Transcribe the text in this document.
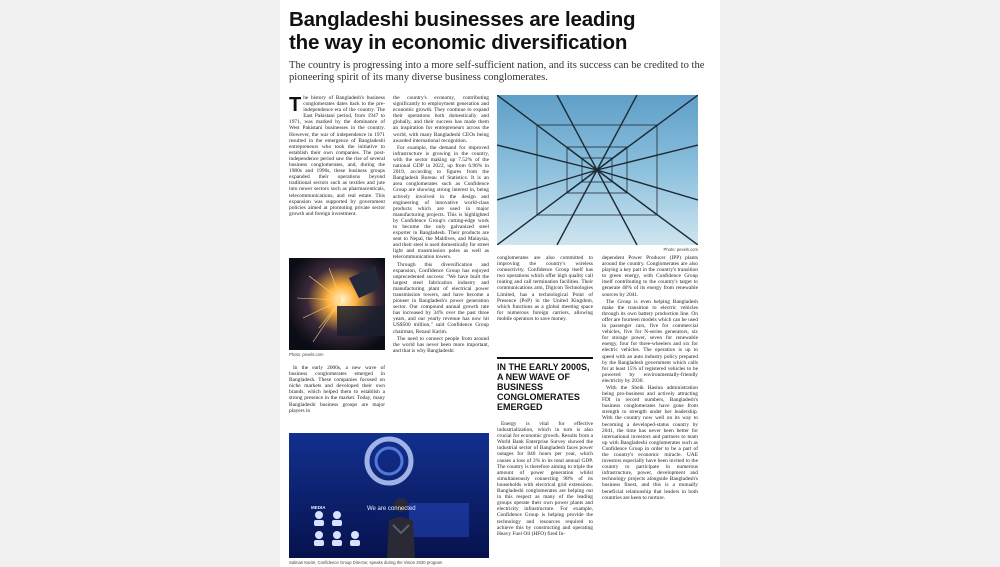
Bangladeshi businesses are leading
the way in economic diversification
The country is progressing into a more self-sufficient nation, and its success can be credited to the pioneering spirit of its many diverse business conglomerates.

The history of Bangladesh's business conglomerates dates back to the pre-independence era of the country. The East Pakistani period, from 1947 to 1971, was marked by the dominance of West Pakistani businesses in the country. However, the war of independence in 1971 resulted in the emergence of Bangladeshi entrepreneurs who took the initiative to establish their own companies. The post-independence period saw the rise of several business conglomerates, and, during the 1980s and 1990s, these business groups expanded their operations beyond traditional sectors such as textiles and jute into newer sectors such as pharmaceuticals, telecommunications, and real estate. This expansion was supported by government policies aimed at promoting private sector growth and foreign investment.

Photo: pexels.com

In the early 2000s, a new wave of business conglomerates emerged in Bangladesh. These companies focused on niche markets and developed their own brands, which helped them to establish a strong presence in the market. Today, many Bangladeshi business groups are major players in

the country's economy, contributing significantly to employment generation and economic growth. They continue to expand their operations both domestically and globally, and their success has made them an inspiration for entrepreneurs across the world, with many Bangladeshi CEOs being awarded international recognition.

For example, the demand for improved infrastructure is growing in the country, with the sector making up 7.52% of the national GDP in 2022, up from 6.96% in 2019, according to figures from the Bangladesh Bureau of Statistics. It is an area conglomerates such as Confidence Group are showing strong interest in, being actively involved in the design and engineering of innovative world-class products which are used in major manufacturing projects. This is highlighted by Confidence Group's cutting-edge work to become the only galvanized steel exporter in Bangladesh. Their products are sent to Nepal, the Maldives, and Malaysia, and their steel is used domestically for street light and transmission poles as well as telecommunication towers.

Through this diversification and expansion, Confidence Group has enjoyed unprecedented success: "We have built the largest steel fabrication industry and manufacturing plant of electrical power transmission towers, and have become a pioneer in Bangladesh's power generation sector. Our compound annual growth rate has increased by 34% over the past three years, and our yearly revenue has now hit US$500 million," said Confidence Group chairman, Rezaul Karim.

The need to connect people from around the world has never been more important, and that is why Bangladeshi

We are connected
MEDIA
Salman Karim, Confidence Group Director, speaks during the Vision 2030 program
Photo: pexels.com

conglomerates are also committed to improving the country's wireless connectivity. Confidence Group itself has two operations which offer high quality call routing and call termination facilities. Their communications arm, Digicon Technologies Limited, has a technological Point of Presence (PoP) in the United Kingdom, which functions as a global meeting space for numerous foreign carriers, allowing mobile operators to save money.

IN THE EARLY 2000S, A NEW WAVE OF BUSINESS CONGLOMERATES EMERGED

Energy is vital for effective industrialization, which in turn is also crucial for economic growth. Results from a World Bank Enterprise Survey showed the industrial sector of Bangladesh faces power outages for 840 hours per year, which causes a loss of 3% in its total annual GDP. The country is therefore aiming to triple the amount of power generation whilst simultaneously connecting 98% of its households with electrical grid extensions. Bangladeshi conglomerates are helping out in this respect as many of the leading groups operate their own power plants and electricity infrastructure. For example, Confidence Group is helping provide the technology and resources required to achieve this by constructing and operating Heavy Fuel Oil (HFO) fired In-

dependent Power Producer (IPP) plants around the country. Conglomerates are also playing a key part in the country's transition to green energy, with Confidence Group itself contributing to the country's target to generate 40% of its energy from renewable sources by 2041.

The Group is even helping Bangladesh make the transition to electric vehicles through its own battery production line. On offer are fourteen models which can be used in passenger cars, five for commercial vehicles, five for N-series generators, six for storage power, seven for renewable energy, four for three-wheelers and six for electric vehicles. The operation is up to speed with an auto industry policy prepared by the Bangladesh government which calls for at least 15% of registered vehicles to be powered by environmentally-friendly electricity by 2030.

With the Sheik Hasina administration being pro-business and actively attracting FDI in record numbers, Bangladesh's business conglomerates have gone from strength to strength under her leadership. With the country now well on its way to becoming a developed-status country by 2041, the time has never been better for international investors and partners to team up with Bangladeshi conglomerates such as Confidence Group in order to be a part of the country's economic miracle. UAE investors especially have been invited to the country to participate in numerous infrastructure, power, development and technology projects alongside Bangladesh's business finest, and this is a mutually beneficial relationship that leaders in both countries are keen to nurture.
